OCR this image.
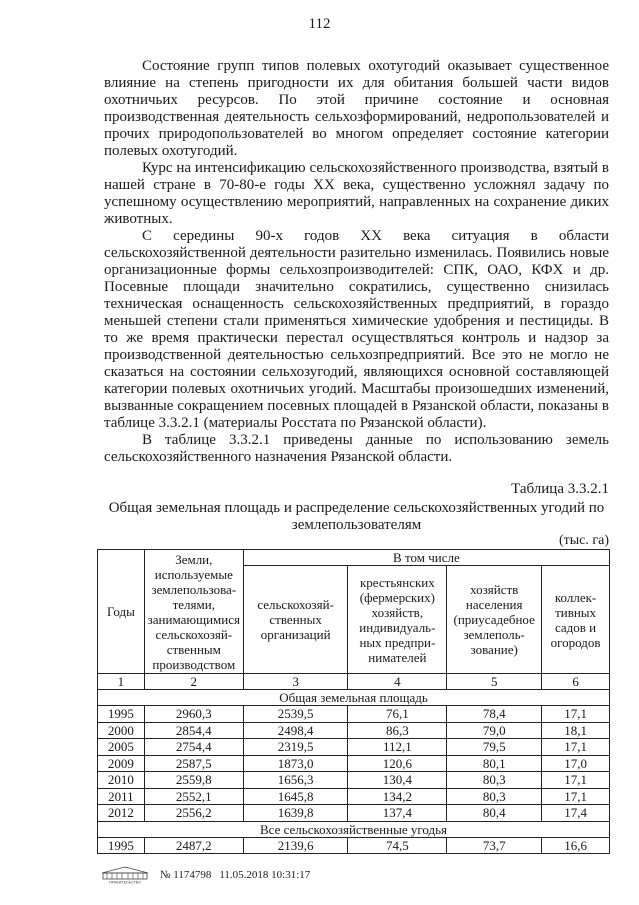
112

Состояние групп типов полевых охотугодий оказывает существенное влияние на степень пригодности их для обитания большей части видов охотничьих ресурсов. По этой причине состояние и основная производственная деятельность сельхозформирований, недропользователей и прочих природопользователей во многом определяет состояние категории полевых охотугодий.

Курс на интенсификацию сельскохозяйственного производства, взятый в нашей стране в 70-80-е годы XX века, существенно усложнял задачу по успешному осуществлению мероприятий, направленных на сохранение диких животных.

С середины 90-х годов XX века ситуация в области сельскохозяйственной деятельности разительно изменилась. Появились новые организационные формы сельхозпроизводителей: СПК, ОАО, КФХ и др. Посевные площади значительно сократились, существенно снизилась техническая оснащенность сельскохозяйственных предприятий, в гораздо меньшей степени стали применяться химические удобрения и пестициды. В то же время практически перестал осуществляться контроль и надзор за производственной деятельностью сельхозпредприятий. Все это не могло не сказаться на состоянии сельхозугодий, являющихся основной составляющей категории полевых охотничьих угодий. Масштабы произошедших изменений, вызванные сокращением посевных площадей в Рязанской области, показаны в таблице 3.3.2.1 (материалы Росстата по Рязанской области).

В таблице 3.3.2.1 приведены данные по использованию земель сельскохозяйственного назначения Рязанской области.

Таблица 3.3.2.1
Общая земельная площадь и распределение сельскохозяйственных угодий по землепользователям
(тыс. га)
Годы	Земли, используемые землепользова-телями, занимающимися сельскохозяй-ственным производством	В том числе			
		сельскохозяй-ственных организаций	крестьянских (фермерских) хозяйств, индивидуаль-ных предпри-нимателей	хозяйств населения (приусадебное землеполь-зование)	коллек-тивных садов и огородов
1	2	3	4	5	6
Общая земельная площадь					
1995	2960,3	2539,5	76,1	78,4	17,1
2000	2854,4	2498,4	86,3	79,0	18,1
2005	2754,4	2319,5	112,1	79,5	17,1
2009	2587,5	1873,0	120,6	80,1	17,0
2010	2559,8	1656,3	130,4	80,3	17,1
2011	2552,1	1645,8	134,2	80,3	17,1
2012	2556,2	1639,8	137,4	80,4	17,4
Все сельскохозяйственные угодья					
1995	2487,2	2139,6	74,5	73,7	16,6
ПРАВИТЕЛЬСТВО
№ 1174798 11.05.2018 10:31:17
